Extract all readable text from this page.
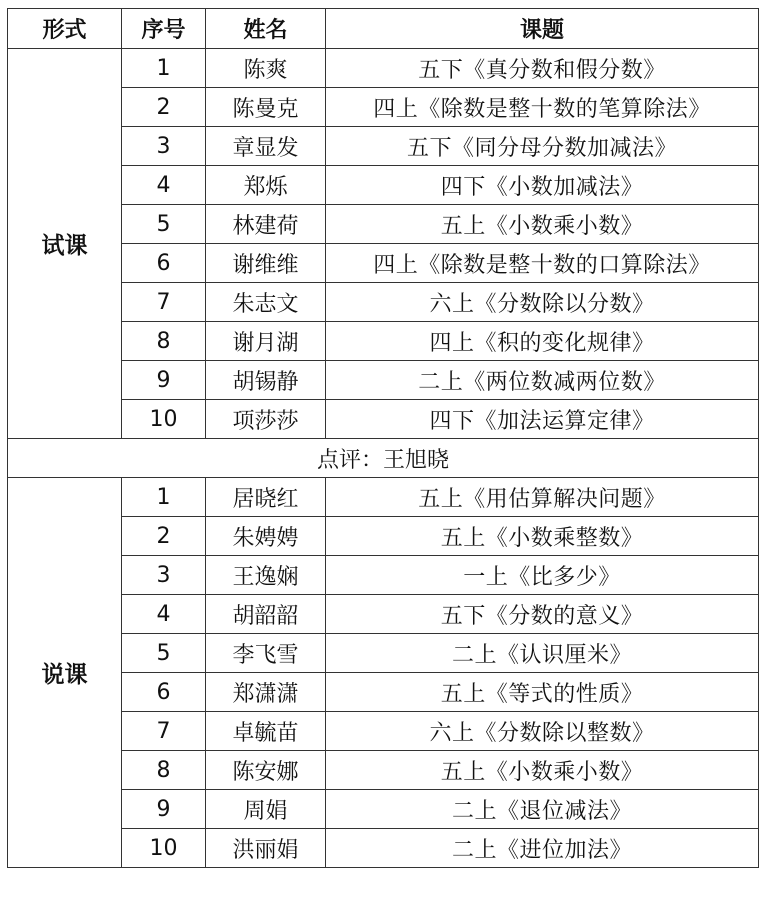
形式	序号	姓名	课题
试课	1	陈爽	五下《真分数和假分数》
	2	陈曼克	四上《除数是整十数的笔算除法》
	3	章显发	五下《同分母分数加减法》
	4	郑烁	四下《小数加减法》
	5	林建荷	五上《小数乘小数》
	6	谢维维	四上《除数是整十数的口算除法》
	7	朱志文	六上《分数除以分数》
	8	谢月湖	四上《积的变化规律》
	9	胡锡静	二上《两位数减两位数》
	10	项莎莎	四下《加法运算定律》
点评：王旭晓			
说课	1	居晓红	五上《用估算解决问题》
	2	朱娉娉	五上《小数乘整数》
	3	王逸娴	一上《比多少》
	4	胡韶韶	五下《分数的意义》
	5	李飞雪	二上《认识厘米》
	6	郑潇潇	五上《等式的性质》
	7	卓毓苗	六上《分数除以整数》
	8	陈安娜	五上《小数乘小数》
	9	周娟	二上《退位减法》
	10	洪丽娟	二上《进位加法》
